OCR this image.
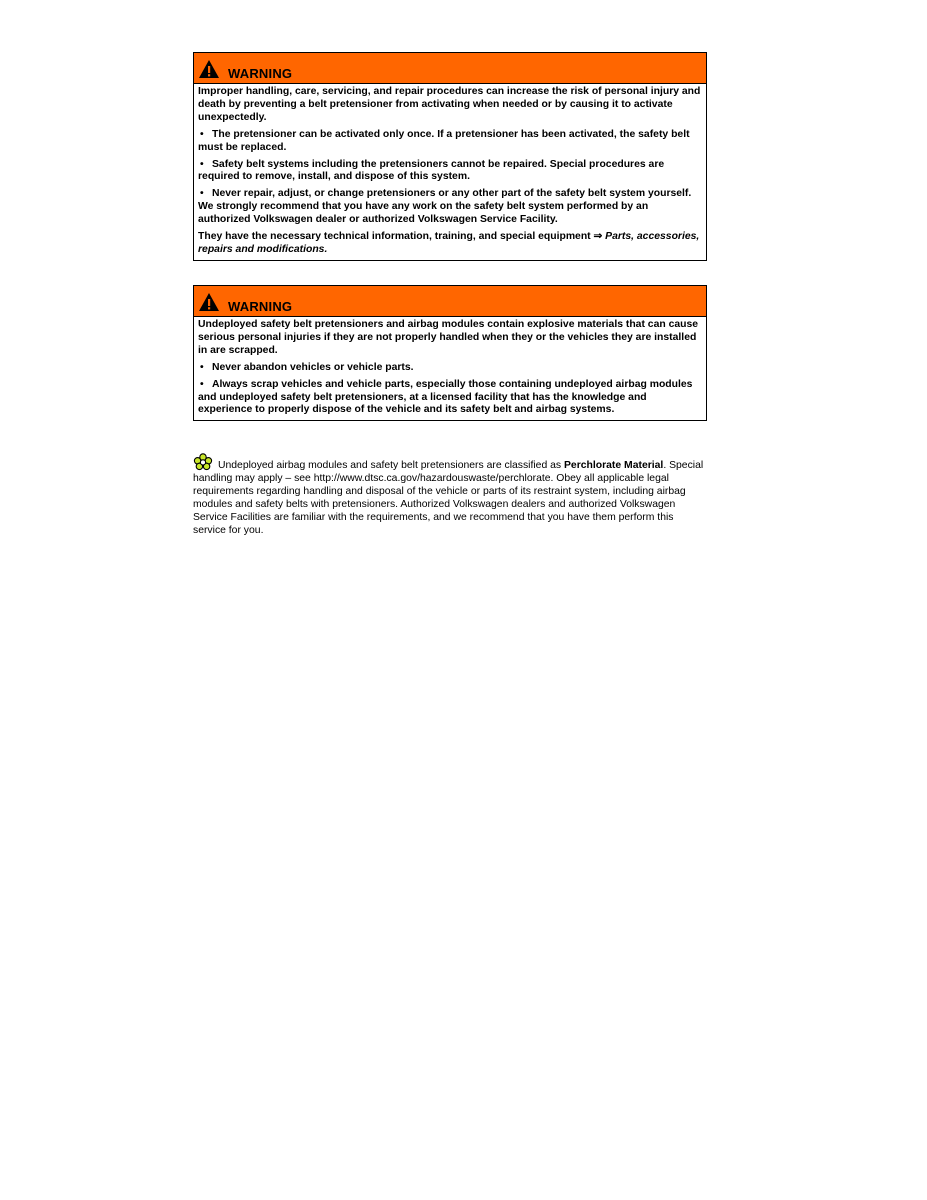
WARNING

Improper handling, care, servicing, and repair procedures can increase the risk of personal injury and death by preventing a belt pretensioner from activating when needed or by causing it to activate unexpectedly.

• The pretensioner can be activated only once. If a pretensioner has been activated, the safety belt must be replaced.

• Safety belt systems including the pretensioners cannot be repaired. Special procedures are required to remove, install, and dispose of this system.

• Never repair, adjust, or change pretensioners or any other part of the safety belt system yourself. We strongly recommend that you have any work on the safety belt system performed by an authorized Volkswagen dealer or authorized Volkswagen Service Facility.

They have the necessary technical information, training, and special equipment ⇒ Parts, accessories, repairs and modifications.

WARNING

Undeployed safety belt pretensioners and airbag modules contain explosive materials that can cause serious personal injuries if they are not properly handled when they or the vehicles they are installed in are scrapped.

• Never abandon vehicles or vehicle parts.

• Always scrap vehicles and vehicle parts, especially those containing undeployed airbag modules and undeployed safety belt pretensioners, at a licensed facility that has the knowledge and experience to properly dispose of the vehicle and its safety belt and airbag systems.

Undeployed airbag modules and safety belt pretensioners are classified as Perchlorate Material. Special handling may apply – see http://www.dtsc.ca.gov/hazardouswaste/perchlorate. Obey all applicable legal requirements regarding handling and disposal of the vehicle or parts of its restraint system, including airbag modules and safety belts with pretensioners. Authorized Volkswagen dealers and authorized Volkswagen Service Facilities are familiar with the requirements, and we recommend that you have them perform this service for you.
